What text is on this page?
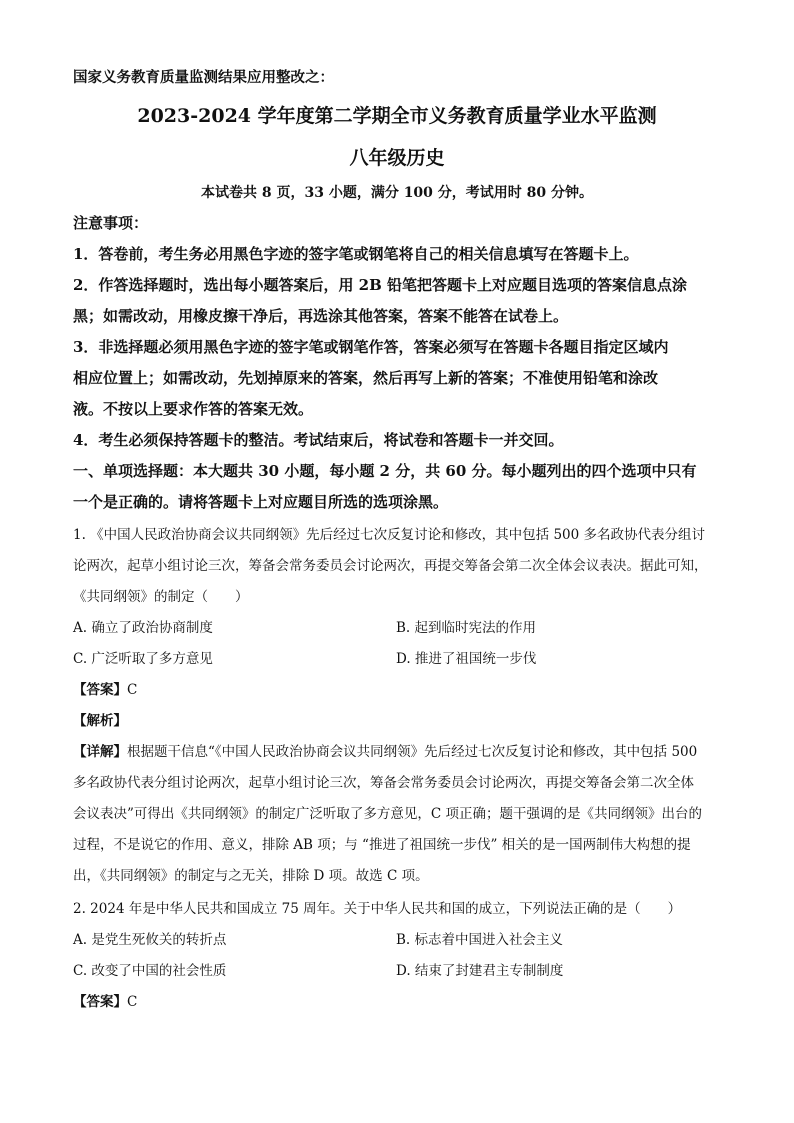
国家义务教育质量监测结果应用整改之：
2023-2024 学年度第二学期全市义务教育质量学业水平监测
八年级历史
本试卷共 8 页，33 小题，满分 100 分，考试用时 80 分钟。
注意事项：
1．答卷前，考生务必用黑色字迹的签字笔或钢笔将自己的相关信息填写在答题卡上。
2．作答选择题时，选出每小题答案后，用 2B 铅笔把答题卡上对应题目选项的答案信息点涂
黑；如需改动，用橡皮擦干净后，再选涂其他答案，答案不能答在试卷上。
3．非选择题必须用黑色字迹的签字笔或钢笔作答，答案必须写在答题卡各题目指定区域内
相应位置上；如需改动，先划掉原来的答案，然后再写上新的答案；不准使用铅笔和涂改
液。不按以上要求作答的答案无效。
4．考生必须保持答题卡的整洁。考试结束后，将试卷和答题卡一并交回。
一、单项选择题：本大题共 30 小题，每小题 2 分，共 60 分。每小题列出的四个选项中只有
一个是正确的。请将答题卡上对应题目所选的选项涂黑。
1. 《中国人民政治协商会议共同纲领》先后经过七次反复讨论和修改，其中包括 500 多名政协代表分组讨
论两次，起草小组讨论三次，筹备会常务委员会讨论两次，再提交筹备会第二次全体会议表决。据此可知，
《共同纲领》的制定（　　）
A. 确立了政治协商制度	B. 起到临时宪法的作用
C. 广泛听取了多方意见	D. 推进了祖国统一步伐
【答案】C
【解析】
【详解】根据题干信息“《中国人民政治协商会议共同纲领》先后经过七次反复讨论和修改，其中包括 500
多名政协代表分组讨论两次，起草小组讨论三次，筹备会常务委员会讨论两次，再提交筹备会第二次全体
会议表决”可得出《共同纲领》的制定广泛听取了多方意见，C 项正确；题干强调的是《共同纲领》出台的
过程，不是说它的作用、意义，排除 AB 项；与 “推进了祖国统一步伐” 相关的是一国两制伟大构想的提
出，《共同纲领》的制定与之无关，排除 D 项。故选 C 项。
2. 2024 年是中华人民共和国成立 75 周年。关于中华人民共和国的成立，下列说法正确的是（　　）
A. 是党生死攸关的转折点	B. 标志着中国进入社会主义
C. 改变了中国的社会性质	D. 结束了封建君主专制制度
【答案】C
